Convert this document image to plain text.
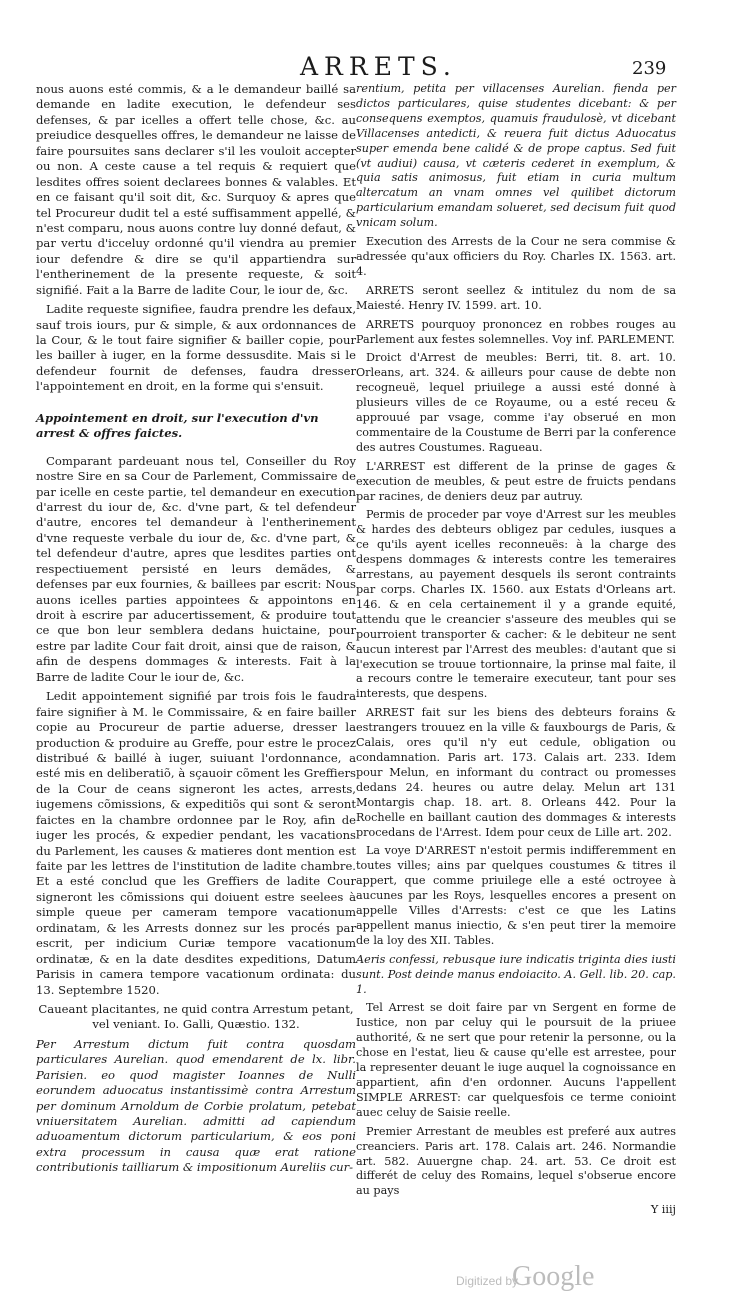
ARRETS.	239

nous auons esté commis, & a le demandeur baillé sa demande en ladite execution, le defendeur ses defenses, & par icelles a offert telle chose, &c. au preiudice desquelles offres, le demandeur ne laisse de faire poursuites sans declarer s'il les vouloit accepter ou non. A ceste cause a tel requis & requiert que lesdites offres soient declarees bonnes & valables. Et en ce faisant qu'il soit dit, &c. Surquoy & apres que tel Procureur dudit tel a esté suffisamment appellé, & n'est comparu, nous auons contre luy donné defaut, & par vertu d'icceluy ordonné qu'il viendra au premier iour defendre & dire se qu'il appartiendra sur l'entherinement de la presente requeste, & soit signifié. Fait a la Barre de ladite Cour, le iour de, &c.

Ladite requeste signifiee, faudra prendre les defaux, sauf trois iours, pur & simple, & aux ordonnances de la Cour, & le tout faire signifier & bailler copie, pour les bailler à iuger, en la forme dessusdite. Mais si le defendeur fournit de defenses, faudra dresser l'appointement en droit, en la forme qui s'ensuit.

Appointement en droit, sur l'execution d'vn arrest & offres faictes.

Comparant pardeuant nous tel, Conseiller du Roy nostre Sire en sa Cour de Parlement, Commissaire de par icelle en ceste partie, tel demandeur en execution d'arrest du iour de, &c. d'vne part, & tel defendeur d'autre, encores tel demandeur à l'entherinement d'vne requeste verbale du iour de, &c. d'vne part, & tel defendeur d'autre, apres que lesdites parties ont respectiuement persisté en leurs demãdes, & defenses par eux fournies, & baillees par escrit: Nous auons icelles parties appointees & appointons en droit à escrire par aducertissement, & produire tout ce que bon leur semblera dedans huictaine, pour estre par ladite Cour fait droit, ainsi que de raison, & afin de despens dommages & interests. Fait à la Barre de ladite Cour le iour de, &c.

Ledit appointement signifié par trois fois le faudra faire signifier à M. le Commissaire, & en faire bailler copie au Procureur de partie aduerse, dresser la production & produire au Greffe, pour estre le procez distribué & baillé à iuger, suiuant l'ordonnance, a esté mis en deliberatiõ, à sçauoir cõment les Greffiers de la Cour de ceans signeront les actes, arrests, iugemens cõmissions, & expeditiõs qui sont & seront faictes en la chambre ordonnee par le Roy, afin de iuger les procés, & expedier pendant, les vacations du Parlement, les causes & matieres dont mention est faite par les lettres de l'institution de ladite chambre. Et a esté conclud que les Greffiers de ladite Cour signeront les cõmissions qui doiuent estre seelees à simple queue per cameram tempore vacationum ordinatam, & les Arrests donnez sur les procés par escrit, per indicium Curiæ tempore vacationum ordinatæ, & en la date desdites expeditions, Datum Parisis in camera tempore vacationum ordinata: du 13. Septembre 1520.

Caueant placitantes, ne quid contra Arrestum petant, vel veniant. Io. Galli, Quæstio. 132.

Per Arrestum dictum fuit contra quosdam particulares Aurelian. quod emendarent de lx. libr. Parisien. eo quod magister Ioannes de Nulli eorundem aduocatus instantissimè contra Arrestum per dominum Arnoldum de Corbie prolatum, petebat vniuersitatem Aurelian. admitti ad capiendum aduoamentum dictorum particularium, & eos poni extra processum in causa quæ erat ratione contributionis tailliarum & impositionum Aureliis cur-

rentium, petita per villacenses Aurelian. fienda per dictos particulares, quise studentes dicebant: & per consequens exemptos, quamuis fraudulosè, vt dicebant Villacenses antedicti, & reuera fuit dictus Aduocatus super emenda bene calidé & de prope captus. Sed fuit (vt audiui) causa, vt cæteris cederet in exemplum, & quia satis animosus, fuit etiam in curia multum altercatum an vnam omnes vel quilibet dictorum particularium emandam solueret, sed decisum fuit quod vnicam solum.

Execution des Arrests de la Cour ne sera commise & adressée qu'aux officiers du Roy. Charles IX. 1563. art. 4.

ARRETS seront seellez & intitulez du nom de sa Maiesté. Henry IV. 1599. art. 10.

ARRETS pourquoy prononcez en robbes rouges au Parlement aux festes solemnelles. Voy inf. PARLEMENT.

Droict d'Arrest de meubles: Berri, tit. 8. art. 10. Orleans, art. 324. & ailleurs pour cause de debte non recogneuë, lequel priuilege a aussi esté donné à plusieurs villes de ce Royaume, ou a esté receu & approuué par vsage, comme i'ay obserué en mon commentaire de la Coustume de Berri par la conference des autres Coustumes. Ragueau.

L'ARREST est different de la prinse de gages & execution de meubles, & peut estre de fruicts pendans par racines, de deniers deuz par autruy.

Permis de proceder par voye d'Arrest sur les meubles & hardes des debteurs obligez par cedules, iusques a ce qu'ils ayent icelles reconneuës: à la charge des despens dommages & interests contre les temeraires arrestans, au payement desquels ils seront contraints par corps. Charles IX. 1560. aux Estats d'Orleans art. 146. & en cela certainement il y a grande equité, attendu que le creancier s'asseure des meubles qui se pourroient transporter & cacher: & le debiteur ne sent aucun interest par l'Arrest des meubles: d'autant que si l'execution se trouue tortionnaire, la prinse mal faite, il a recours contre le temeraire executeur, tant pour ses interests, que despens.

ARREST fait sur les biens des debteurs forains & estrangers trouuez en la ville & fauxbourgs de Paris, & Calais, ores qu'il n'y eut cedule, obligation ou condamnation. Paris art. 173. Calais art. 233. Idem pour Melun, en informant du contract ou promesses dedans 24. heures ou autre delay. Melun art 131 Montargis chap. 18. art. 8. Orleans 442. Pour la Rochelle en baillant caution des dommages & interests procedans de l'Arrest. Idem pour ceux de Lille art. 202.

La voye D'ARREST n'estoit permis indifferemment en toutes villes; ains par quelques coustumes & titres il appert, que comme priuilege elle a esté octroyee à aucunes par les Roys, lesquelles encores a present on appelle Villes d'Arrests: c'est ce que les Latins appellent manus iniectio, & s'en peut tirer la memoire de la loy des XII. Tables.

Aeris confessi, rebusque iure indicatis triginta dies iusti sunt. Post deinde manus endoiacito. A. Gell. lib. 20. cap. 1.

Tel Arrest se doit faire par vn Sergent en forme de Iustice, non par celuy qui le poursuit de la priuee authorité, & ne sert que pour retenir la personne, ou la chose en l'estat, lieu & cause qu'elle est arrestee, pour la representer deuant le iuge auquel la cognoissance en appartient, afin d'en ordonner. Aucuns l'appellent SIMPLE ARREST: car quelquesfois ce terme conioint auec celuy de Saisie reelle.

Premier Arrestant de meubles est preferé aux autres creanciers. Paris art. 178. Calais art. 246. Normandie art. 582. Auuergne chap. 24. art. 53. Ce droit est differét de celuy des Romains, lequel s'obserue encore au pays

Y iiij
Digitized by
Google
